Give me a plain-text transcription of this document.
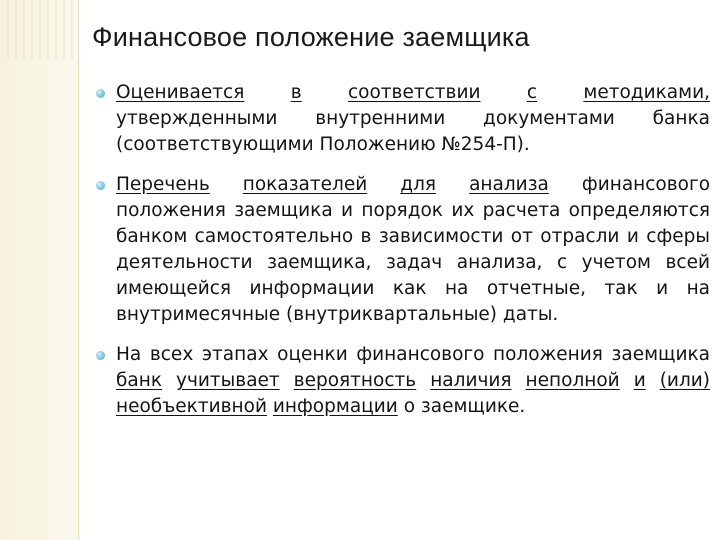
Финансовое положение заемщика
Оценивается	в	соответствии	с	методиками, утвержденными внутренними документами банка (соответствующими Положению №254-П).
Перечень показателей для анализа финансового положения заемщика и порядок их расчета определяются банком самостоятельно в зависимости от отрасли и сферы деятельности заемщика, задач анализа, с учетом всей имеющейся информации как на отчетные, так и на внутримесячные (внутриквартальные) даты.
На всех этапах оценки финансового положения заемщика банк учитывает вероятность наличия неполной и (или) необъективной информации о заемщике.
